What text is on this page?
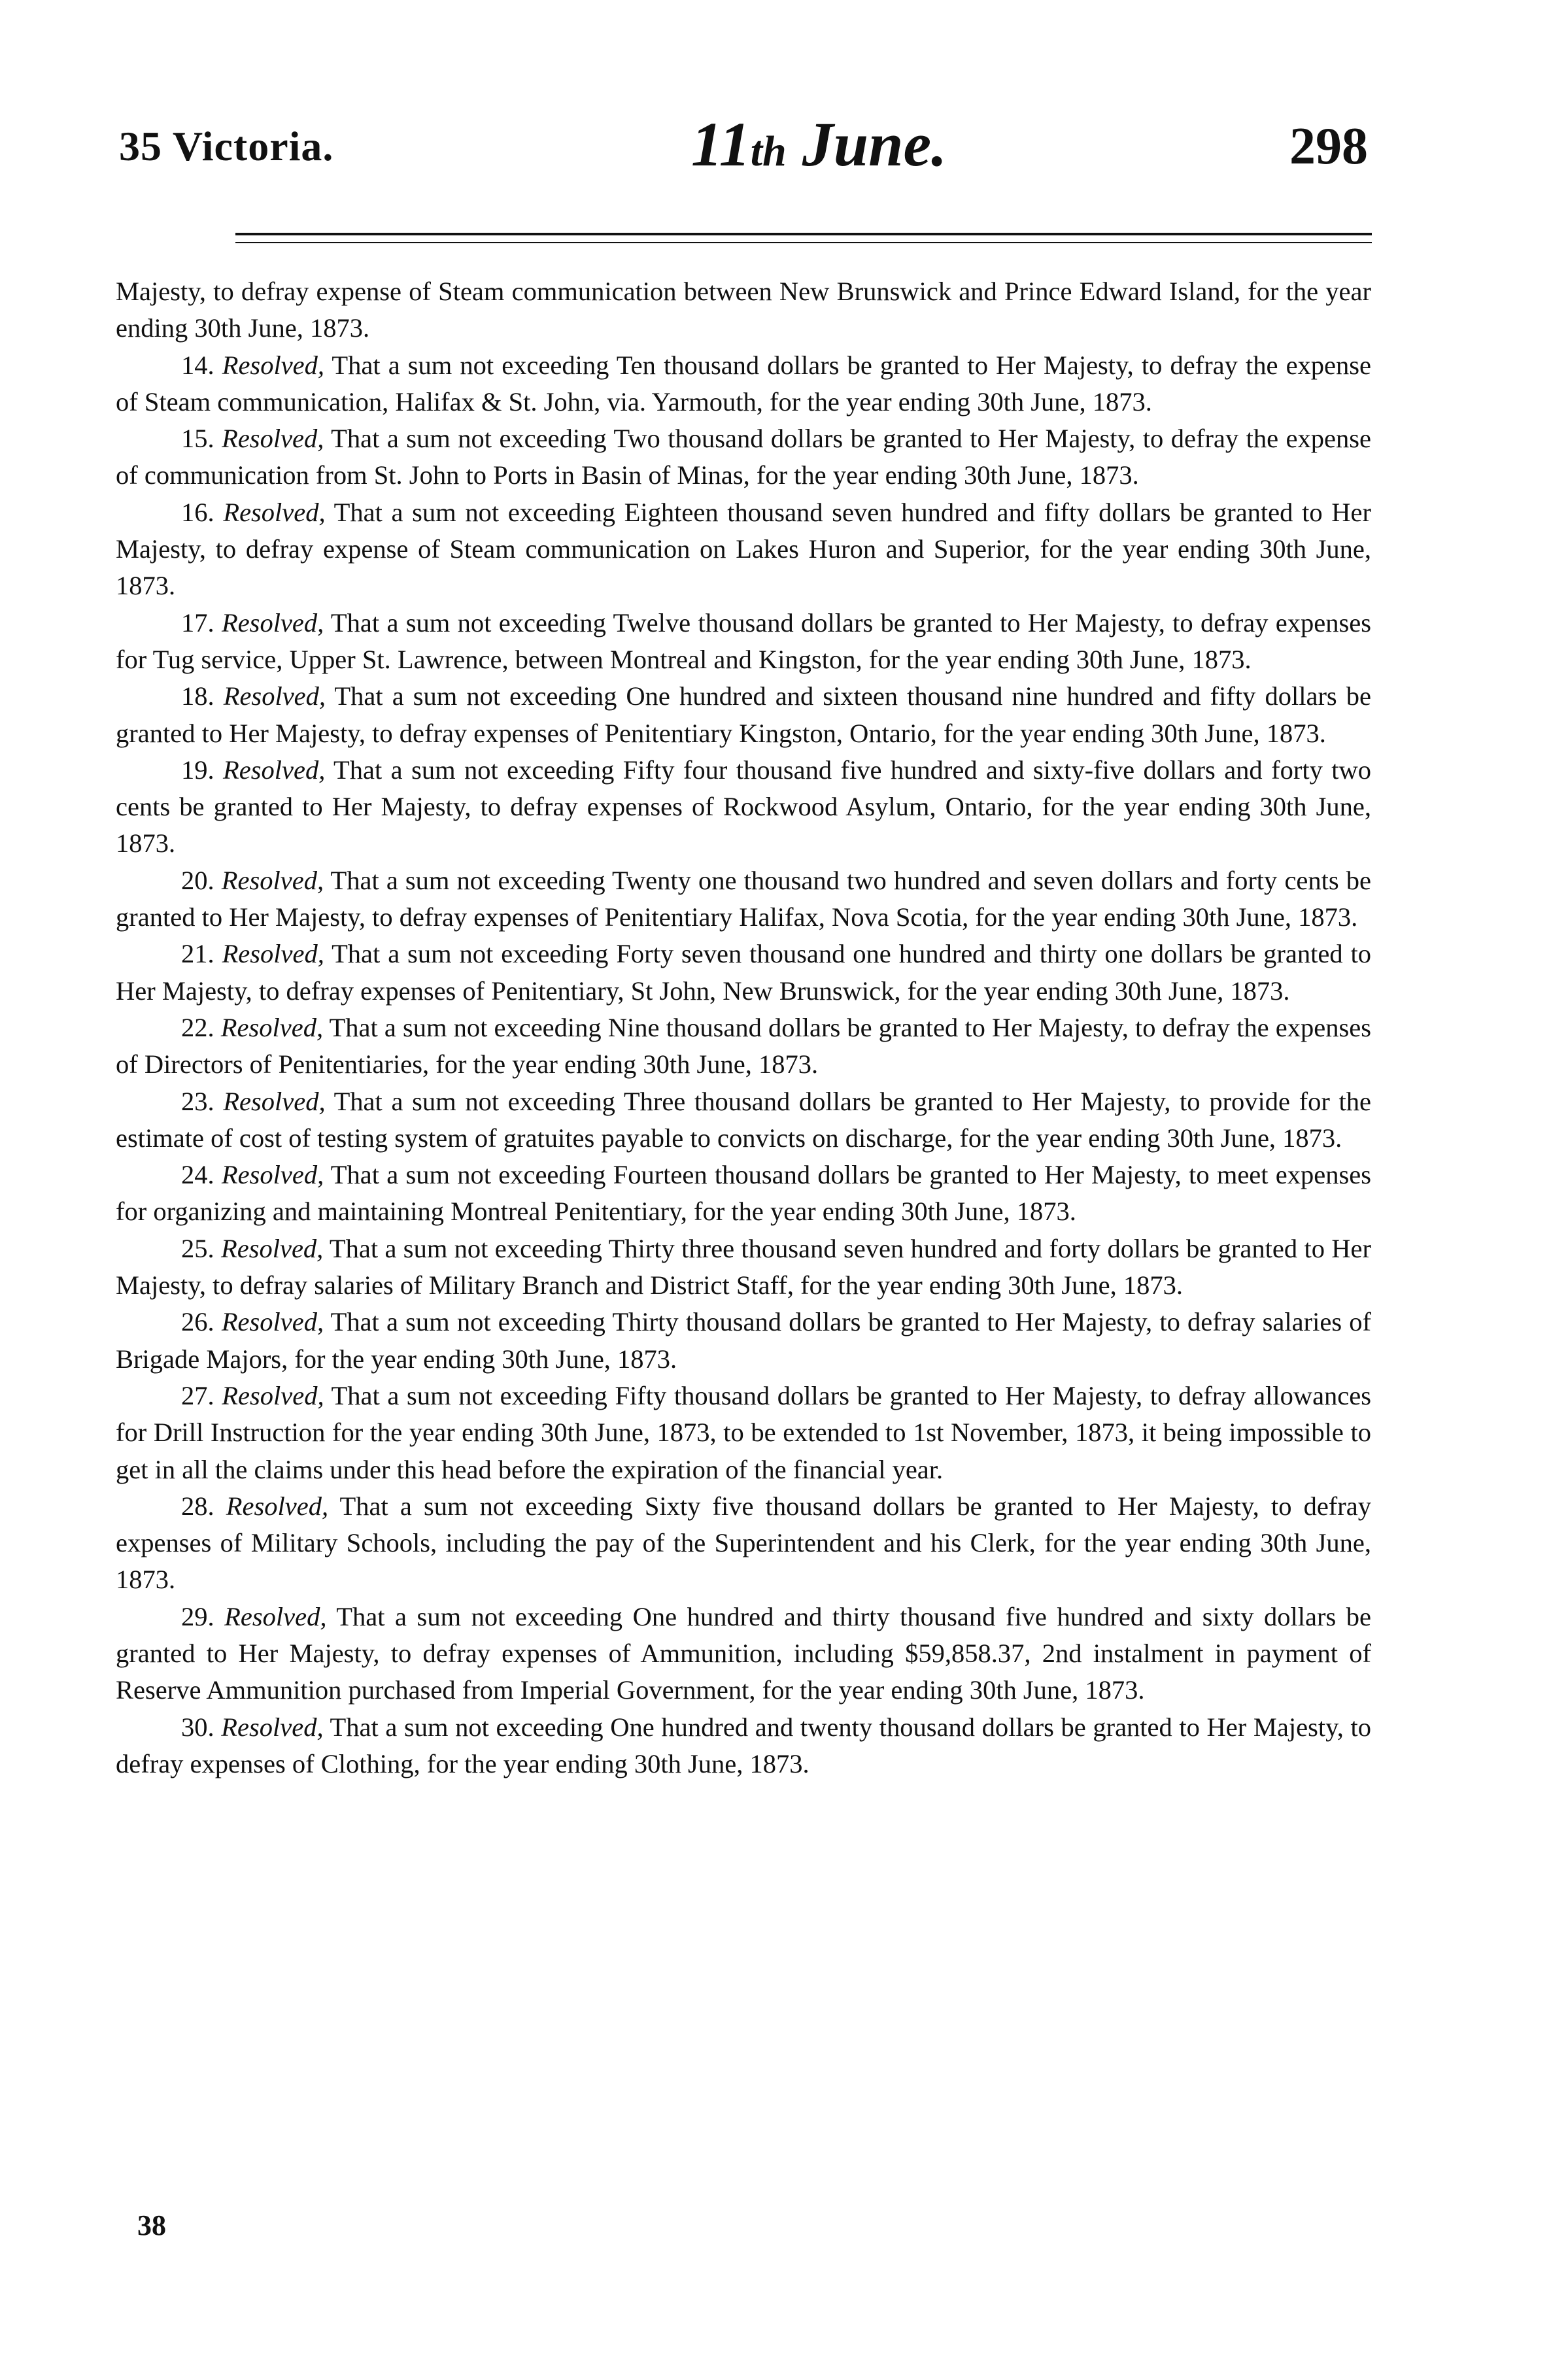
35 Victoria.	11th June.	298

Majesty, to defray expense of Steam communication between New Brunswick and Prince Edward Island, for the year ending 30th June, 1873.

14. Resolved, That a sum not exceeding Ten thousand dollars be granted to Her Majesty, to defray the expense of Steam communication, Halifax & St. John, via. Yarmouth, for the year ending 30th June, 1873.

15. Resolved, That a sum not exceeding Two thousand dollars be granted to Her Majesty, to defray the expense of communication from St. John to Ports in Basin of Minas, for the year ending 30th June, 1873.

16. Resolved, That a sum not exceeding Eighteen thousand seven hundred and fifty dollars be granted to Her Majesty, to defray expense of Steam communication on Lakes Huron and Superior, for the year ending 30th June, 1873.

17. Resolved, That a sum not exceeding Twelve thousand dollars be granted to Her Majesty, to defray expenses for Tug service, Upper St. Lawrence, between Montreal and Kingston, for the year ending 30th June, 1873.

18. Resolved, That a sum not exceeding One hundred and sixteen thousand nine hundred and fifty dollars be granted to Her Majesty, to defray expenses of Penitentiary Kingston, Ontario, for the year ending 30th June, 1873.

19. Resolved, That a sum not exceeding Fifty four thousand five hundred and sixty-five dollars and forty two cents be granted to Her Majesty, to defray expenses of Rockwood Asylum, Ontario, for the year ending 30th June, 1873.

20. Resolved, That a sum not exceeding Twenty one thousand two hundred and seven dollars and forty cents be granted to Her Majesty, to defray expenses of Penitentiary Halifax, Nova Scotia, for the year ending 30th June, 1873.

21. Resolved, That a sum not exceeding Forty seven thousand one hundred and thirty one dollars be granted to Her Majesty, to defray expenses of Penitentiary, St John, New Brunswick, for the year ending 30th June, 1873.

22. Resolved, That a sum not exceeding Nine thousand dollars be granted to Her Majesty, to defray the expenses of Directors of Penitentiaries, for the year ending 30th June, 1873.

23. Resolved, That a sum not exceeding Three thousand dollars be granted to Her Majesty, to provide for the estimate of cost of testing system of gratuites payable to convicts on discharge, for the year ending 30th June, 1873.

24. Resolved, That a sum not exceeding Fourteen thousand dollars be granted to Her Majesty, to meet expenses for organizing and maintaining Montreal Penitentiary, for the year ending 30th June, 1873.

25. Resolved, That a sum not exceeding Thirty three thousand seven hundred and forty dollars be granted to Her Majesty, to defray salaries of Military Branch and District Staff, for the year ending 30th June, 1873.

26. Resolved, That a sum not exceeding Thirty thousand dollars be granted to Her Majesty, to defray salaries of Brigade Majors, for the year ending 30th June, 1873.

27. Resolved, That a sum not exceeding Fifty thousand dollars be granted to Her Majesty, to defray allowances for Drill Instruction for the year ending 30th June, 1873, to be extended to 1st November, 1873, it being impossible to get in all the claims under this head before the expiration of the financial year.

28. Resolved, That a sum not exceeding Sixty five thousand dollars be granted to Her Majesty, to defray expenses of Military Schools, including the pay of the Superintendent and his Clerk, for the year ending 30th June, 1873.

29. Resolved, That a sum not exceeding One hundred and thirty thousand five hundred and sixty dollars be granted to Her Majesty, to defray expenses of Ammunition, including $59,858.37, 2nd instalment in payment of Reserve Ammunition purchased from Imperial Government, for the year ending 30th June, 1873.

30. Resolved, That a sum not exceeding One hundred and twenty thousand dollars be granted to Her Majesty, to defray expenses of Clothing, for the year ending 30th June, 1873.

38
